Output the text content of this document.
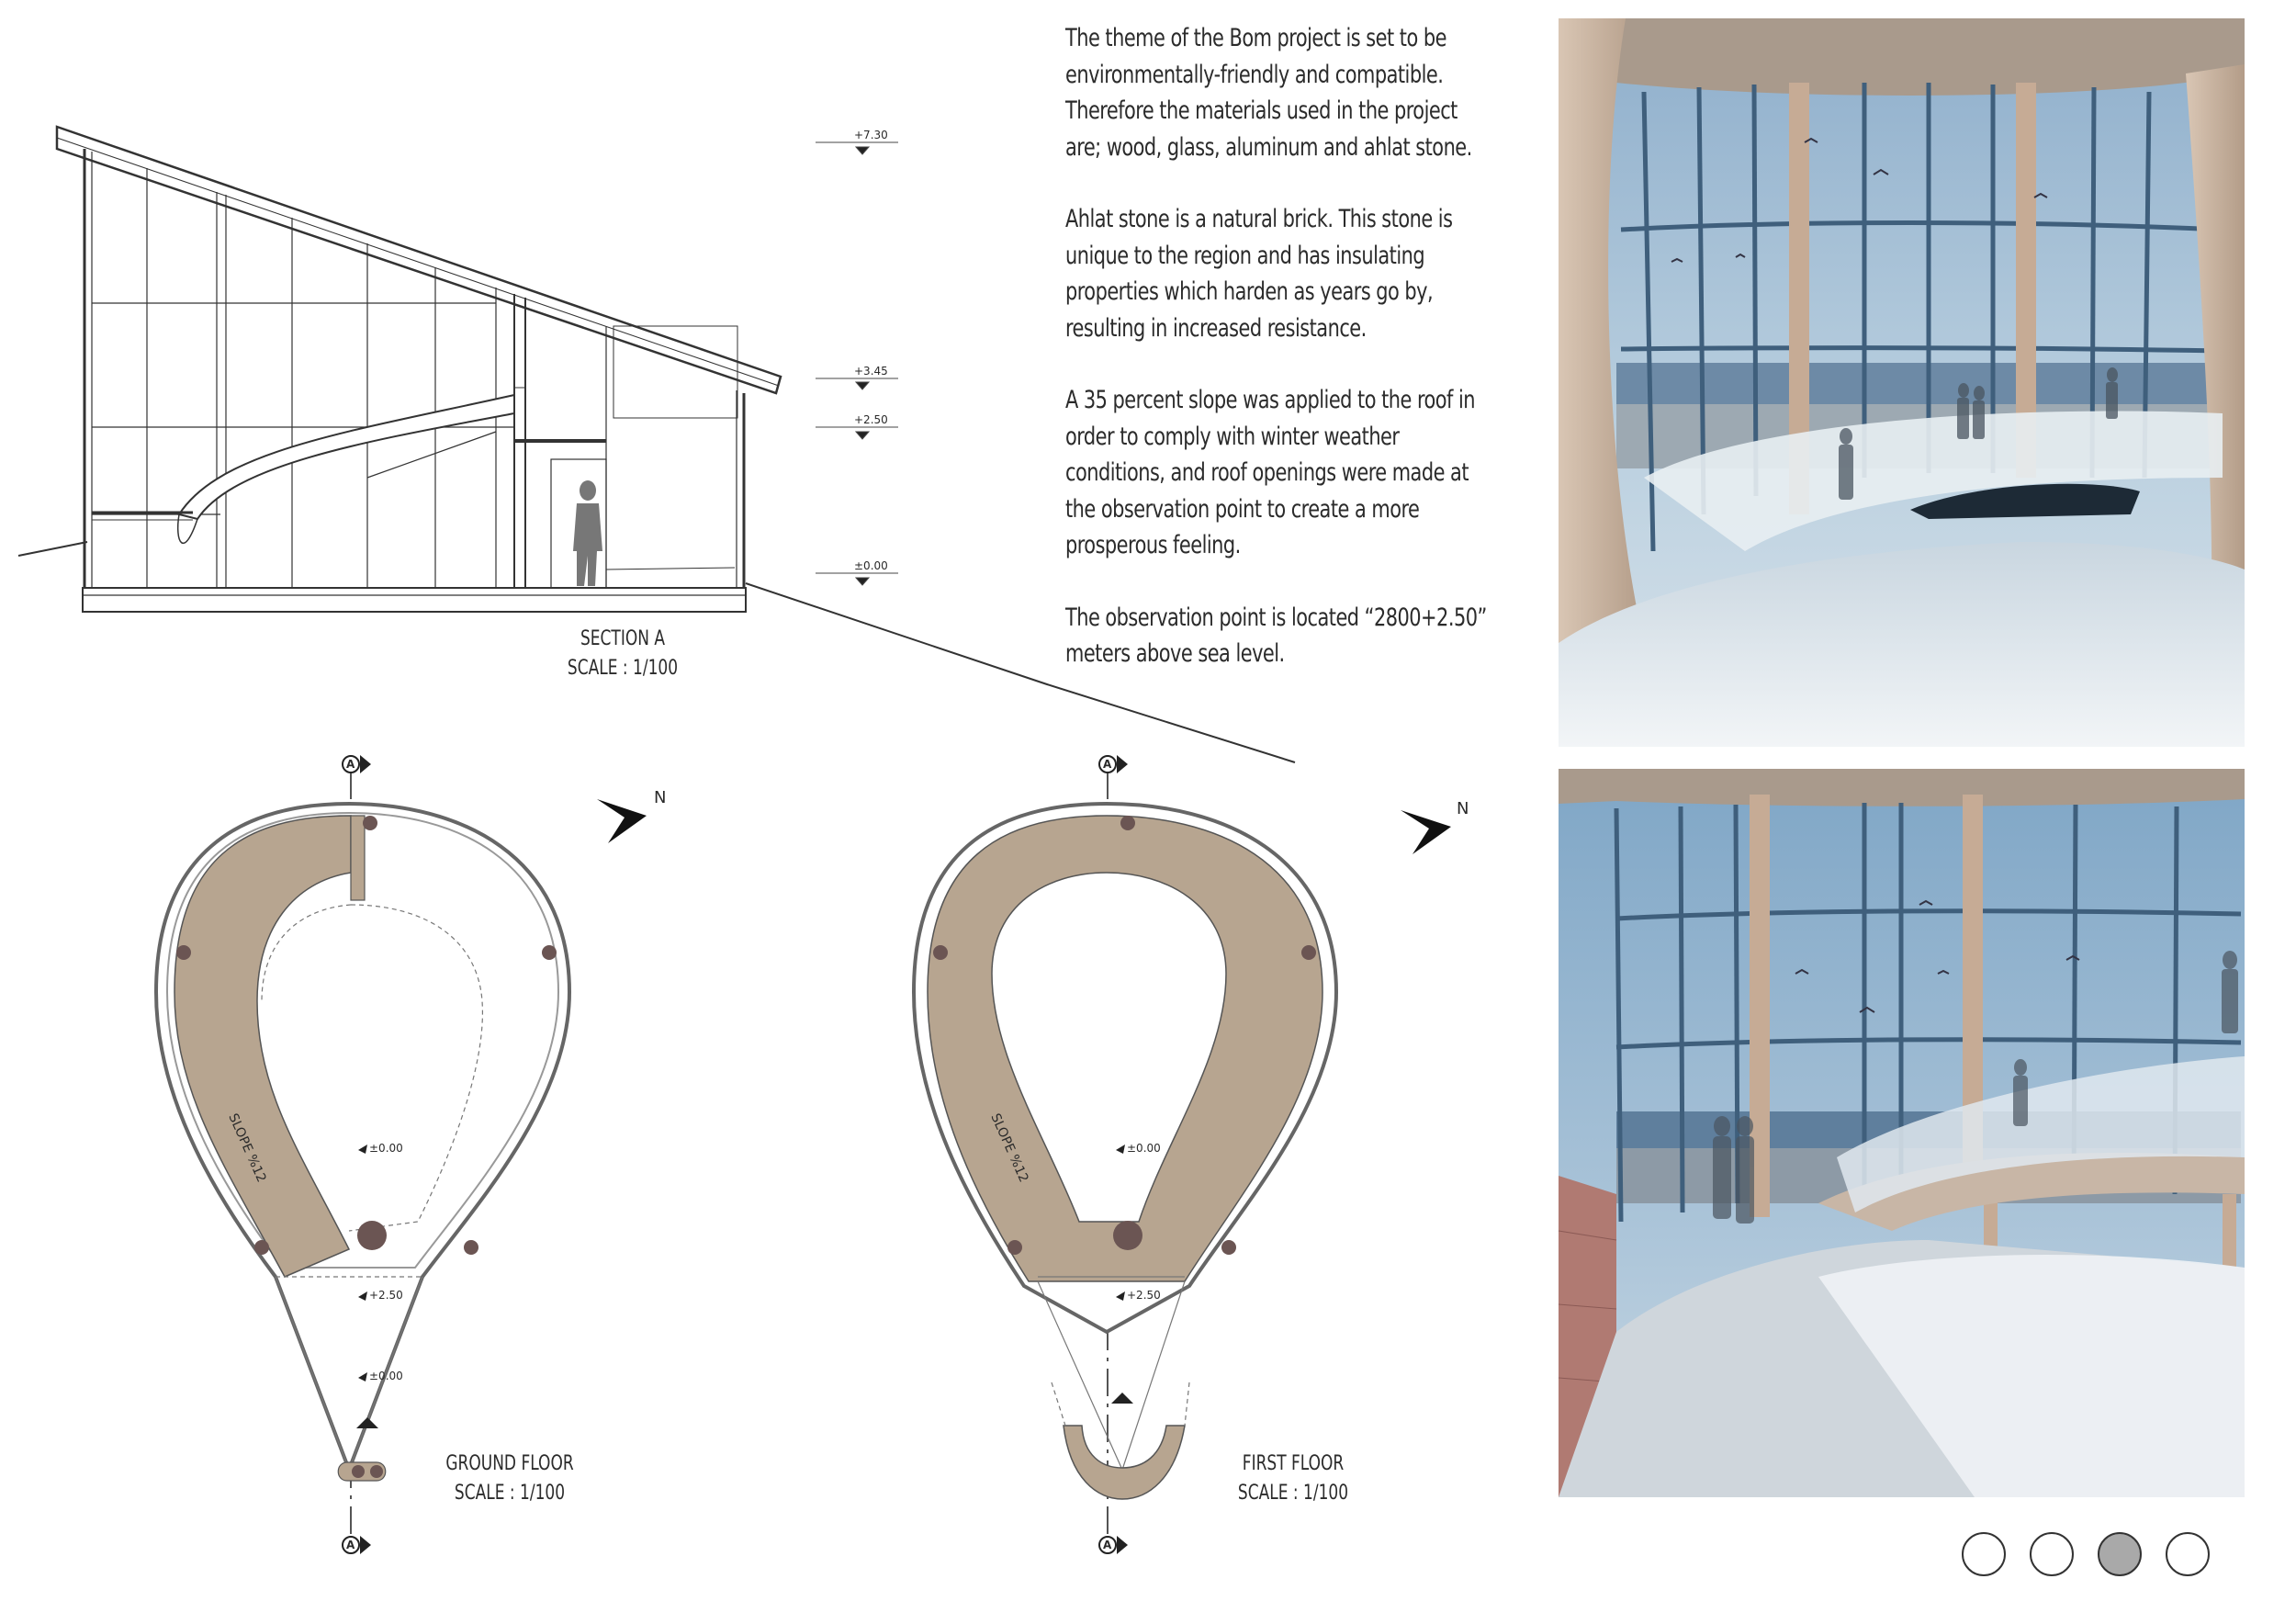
The theme of the Bom project is set to be environmentally-friendly and compatible. Therefore the materials used in the project are; wood, glass, aluminum and ahlat stone.

Ahlat stone is a natural brick. This stone is unique to the region and has insulating properties which harden as years go by, resulting in increased resistance.

A 35 percent slope was applied to the roof in order to comply with winter weather conditions, and roof openings were made at the observation point to create a more prosperous feeling.

The observation point is located “2800+2.50” meters above sea level.

+7.30
+3.45
+2.50
±0.00
SECTION A
SCALE : 1/100
A
A
N
SLOPE %12	±0.00
+2.50
±0.00
GROUND FLOOR
SCALE : 1/100
A
A
N
SLOPE %12	±0.00
+2.50
FIRST FLOOR
SCALE : 1/100
